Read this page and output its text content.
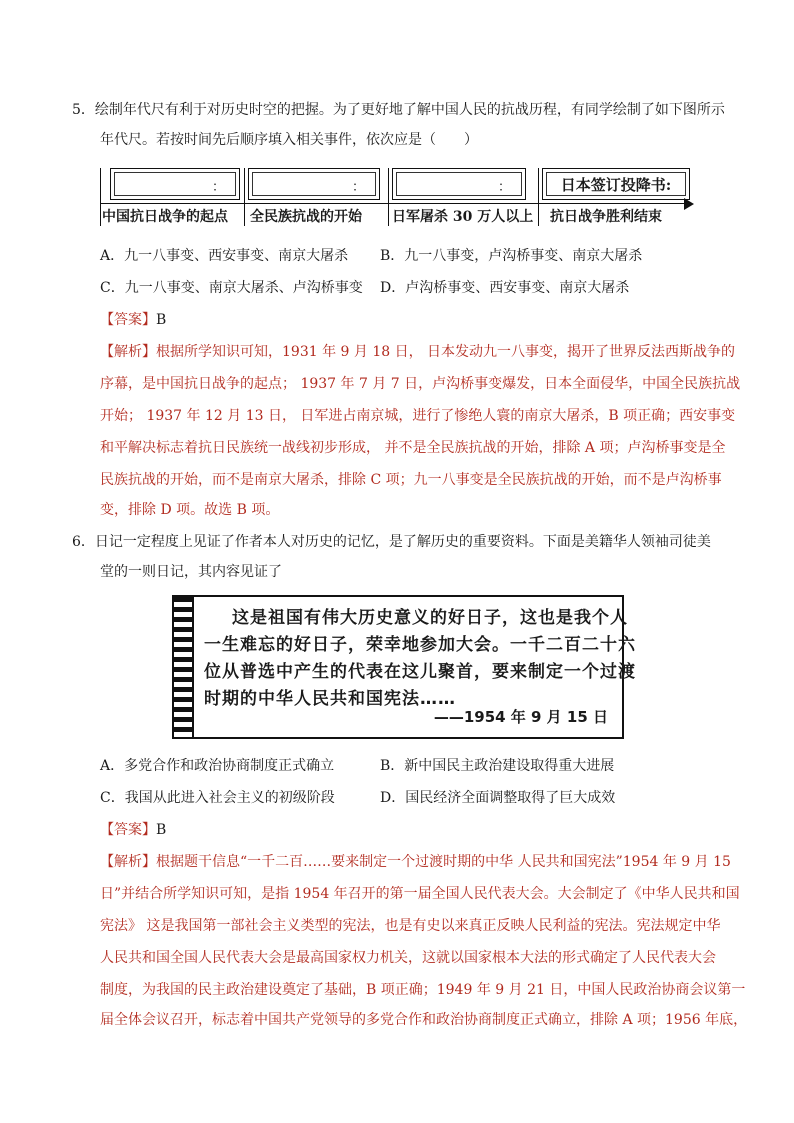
5．绘制年代尺有利于对历史时空的把握。为了更好地了解中国人民的抗战历程，有同学绘制了如下图所示
年代尺。若按时间先后顺序填入相关事件，依次应是（　　）
：	：	：	日本签订投降书:
中国抗日战争的起点 全民族抗战的开始 日军屠杀 30 万人以上 抗日战争胜利结束
A．九一八事变、西安事变、南京大屠杀 B．九一八事变，卢沟桥事变、南京大屠杀
C．九一八事变、南京大屠杀、卢沟桥事变 D．卢沟桥事变、西安事变、南京大屠杀
【答案】B
【解析】根据所学知识可知，1931 年 9 月 18 日， 日本发动九一八事变，揭开了世界反法西斯战争的
序幕，是中国抗日战争的起点； 1937 年 7 月 7 日，卢沟桥事变爆发，日本全面侵华，中国全民族抗战
开始； 1937 年 12 月 13 日， 日军进占南京城，进行了惨绝人寰的南京大屠杀，B 项正确；西安事变
和平解决标志着抗日民族统一战线初步形成， 并不是全民族抗战的开始，排除 A 项；卢沟桥事变是全
民族抗战的开始，而不是南京大屠杀，排除 C 项；九一八事变是全民族抗战的开始，而不是卢沟桥事
变，排除 D 项。故选 B 项。
6．日记一定程度上见证了作者本人对历史的记忆，是了解历史的重要资料。下面是美籍华人领袖司徒美
堂的一则日记，其内容见证了
这是祖国有伟大历史意义的好日子，这也是我个人
一生难忘的好日子，荣幸地参加大会。一千二百二十六
位从普选中产生的代表在这儿聚首，要来制定一个过渡
时期的中华人民共和国宪法……
——1954 年 9 月 15 日
A．多党合作和政治协商制度正式确立	B．新中国民主政治建设取得重大进展
C．我国从此进入社会主义的初级阶段	D．国民经济全面调整取得了巨大成效
【答案】B
【解析】根据题干信息“一千二百……要来制定一个过渡时期的中华 人民共和国宪法”1954 年 9 月 15
日”并结合所学知识可知，是指 1954 年召开的第一届全国人民代表大会。大会制定了《中华人民共和国
宪法》 这是我国第一部社会主义类型的宪法，也是有史以来真正反映人民利益的宪法。宪法规定中华
人民共和国全国人民代表大会是最高国家权力机关，这就以国家根本大法的形式确定了人民代表大会
制度，为我国的民主政治建设奠定了基础，B 项正确；1949 年 9 月 21 日，中国人民政治协商会议第一
届全体会议召开，标志着中国共产党领导的多党合作和政治协商制度正式确立，排除 A 项；1956 年底，
